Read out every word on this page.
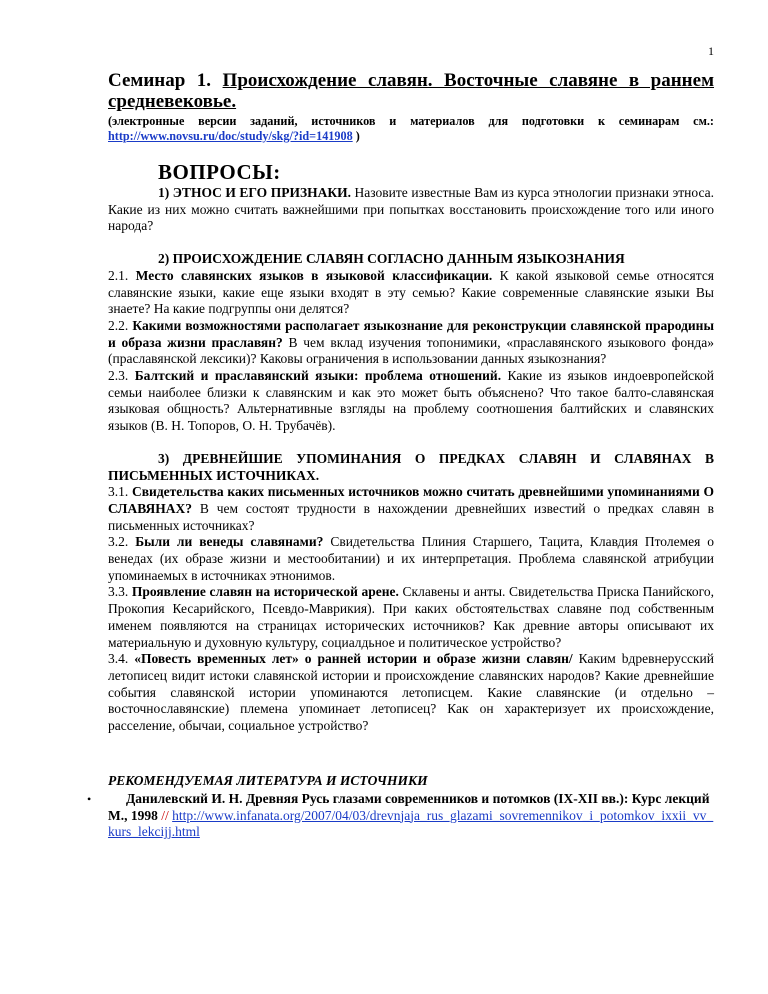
1
Семинар 1. Происхождение славян. Восточные славяне в раннем средневековье.
(электронные версии заданий, источников и материалов для подготовки к семинарам см.: http://www.novsu.ru/doc/study/skg/?id=141908 )
ВОПРОСЫ:

1) ЭТНОС И ЕГО ПРИЗНАКИ. Назовите известные Вам из курса этнологии признаки этноса. Какие из них можно считать важнейшими при попытках восстановить происхождение того или иного народа?

2) ПРОИСХОЖДЕНИЕ СЛАВЯН СОГЛАСНО ДАННЫМ ЯЗЫКОЗНАНИЯ

2.1. Место славянских языков в языковой классификации. К какой языковой семье относятся славянские языки, какие еще языки входят в эту семью? Какие современные славянские языки Вы знаете? На какие подгруппы они делятся?

2.2. Какими возможностями располагает языкознание для реконструкции славянской прародины и образа жизни праславян? В чем вклад изучения топонимики, «праславянского языкового фонда» (праславянской лексики)? Каковы ограничения в использовании данных языкознания?

2.3. Балтский и праславянский языки: проблема отношений. Какие из языков индоевропейской семьи наиболее близки к славянским и как это может быть объяснено? Что такое балто-славянская языковая общность? Альтернативные взгляды на проблему соотношения балтийских и славянских языков (В. Н. Топоров, О. Н. Трубачёв).

3) ДРЕВНЕЙШИЕ УПОМИНАНИЯ О ПРЕДКАХ СЛАВЯН И СЛАВЯНАХ В ПИСЬМЕННЫХ ИСТОЧНИКАХ.

3.1. Свидетельства каких письменных источников можно считать древнейшими упоминаниями О СЛАВЯНАХ? В чем состоят трудности в нахождении древнейших известий о предках славян в письменных источниках?

3.2. Были ли венеды славянами? Свидетельства Плиния Старшего, Тацита, Клавдия Птолемея о венедах (их образе жизни и местообитании) и их интерпретация. Проблема славянской атрибуции упоминаемых в источниках этнонимов.

3.3. Проявление славян на исторической арене. Склавены и анты. Свидетельства Приска Панийского, Прокопия Кесарийского, Псевдо-Маврикия). При каких обстоятельствах славяне под собственным именем появляются на страницах исторических источников? Как древние авторы описывают их материальную и духовную культуру, социалдьное и политическое устройство?

3.4. «Повесть временных лет» о ранней истории и образе жизни славян/ Каким bдревнерусский летописец видит истоки славянской истории и происхождение славянских народов? Какие древнейшие события славянской истории упоминаются летописцем. Какие славянские (и отдельно – восточнославянские) племена упоминает летописец? Как он характеризует их происхождение, расселение, обычаи, социальное устройство?

РЕКОМЕНДУЕМАЯ ЛИТЕРАТУРА И ИСТОЧНИКИ
•	Данилевский И. Н. Древняя Русь глазами современников и потомков (IX-XII вв.): Курс лекций М., 1998 // http://www.infanata.org/2007/04/03/drevnjaja_rus_glazami_sovremennikov_i_potomkov_ixxii_vv_kurs_lekcijj.html
